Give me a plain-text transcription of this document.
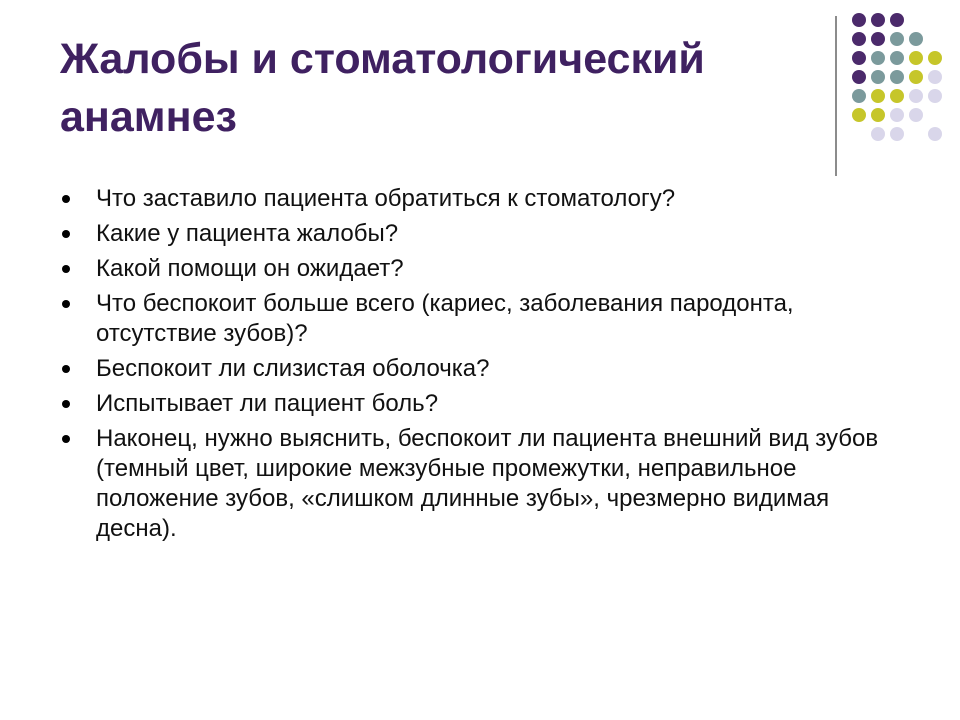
Жалобы и стоматологический
анамнез
Что заставило пациента обратиться к стоматологу?
Какие у пациента жалобы?
Какой помощи он ожидает?
Что беспокоит больше всего (кариес, заболевания пародонта, отсутствие зубов)?
Беспокоит ли слизистая оболочка?
Испытывает ли пациент боль?
Наконец, нужно выяснить, беспокоит ли пациента внешний вид зубов (темный цвет, широкие межзубные промежутки, неправильное положение зубов, «слишком длинные зубы», чрезмерно видимая десна).
